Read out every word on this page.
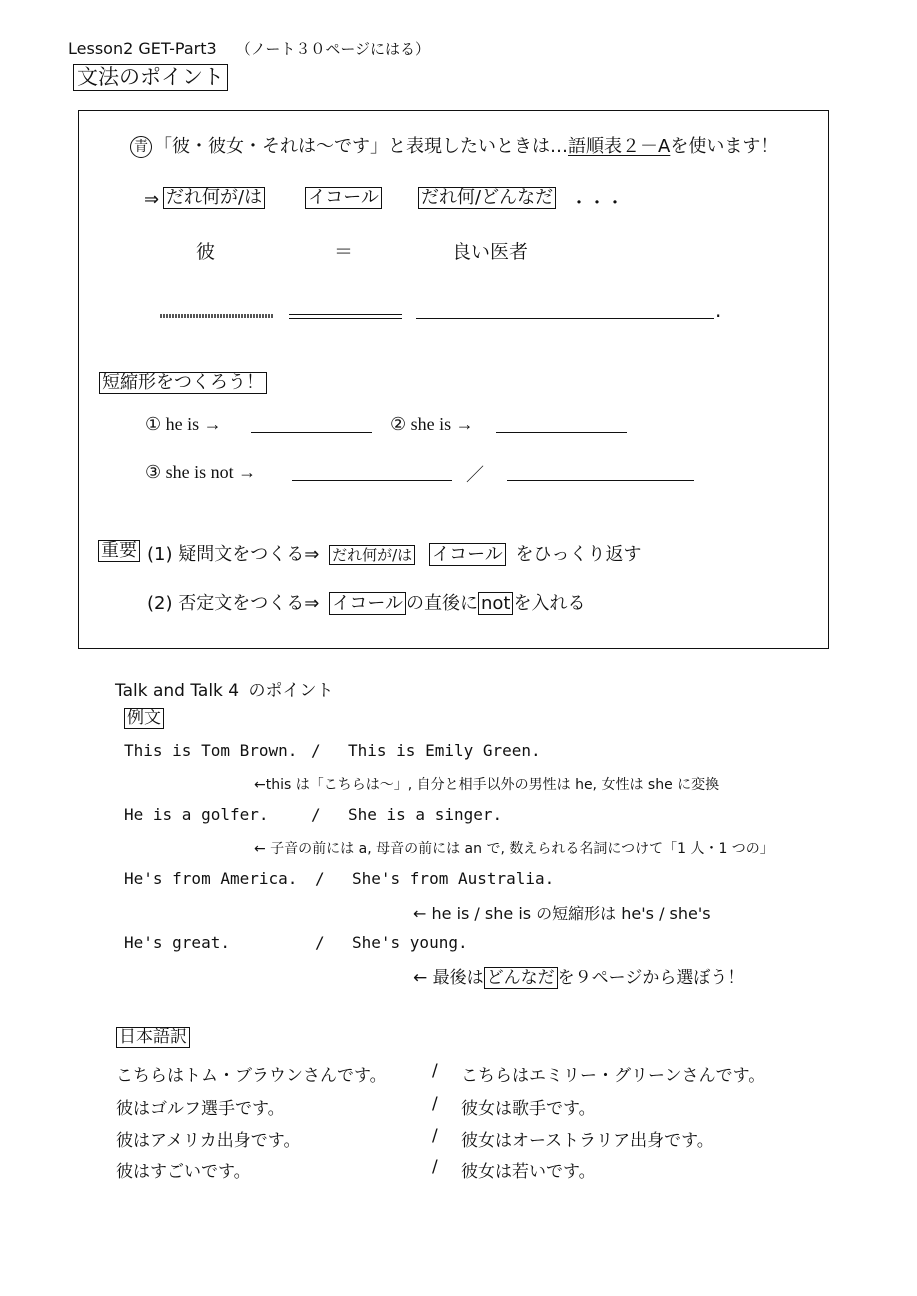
Lesson2 GET-Part3 （ノート３０ページにはる）
文法のポイント
青 「彼・彼女・それは～です」と表現したいときは…語順表２－Aを使います！
⇒ だれ何が/は	イコール だれ何/どんなだ ・・・
彼	＝	良い医者
.
短縮形をつくろう！
① he is →	② she is →
③ she is not →	／
重要 (1) 疑問文をつくる⇒ だれ何が/は イコール をひっくり返す
(2) 否定文をつくる⇒ イコール の直後に not を入れる
Talk and Talk 4 のポイント
例文
This is Tom Brown. / This is Emily Green.
←this は「こちらは～」, 自分と相手以外の男性は he, 女性は she に変換
He is a golfer.	/ She is a singer.
← 子音の前には a, 母音の前には an で, 数えられる名詞につけて「1 人・1 つの」
He's from America. / She's from Australia.
← he is / she is の短縮形は he's / she's
He's great.	/ She's young.
← 最後は どんなだ を９ページから選ぼう！
日本語訳
こちらはトム・ブラウンさんです。	/ こちらはエミリー・グリーンさんです。
彼はゴルフ選手です。	/ 彼女は歌手です。
彼はアメリカ出身です。	/ 彼女はオーストラリア出身です。
彼はすごいです。	/ 彼女は若いです。
